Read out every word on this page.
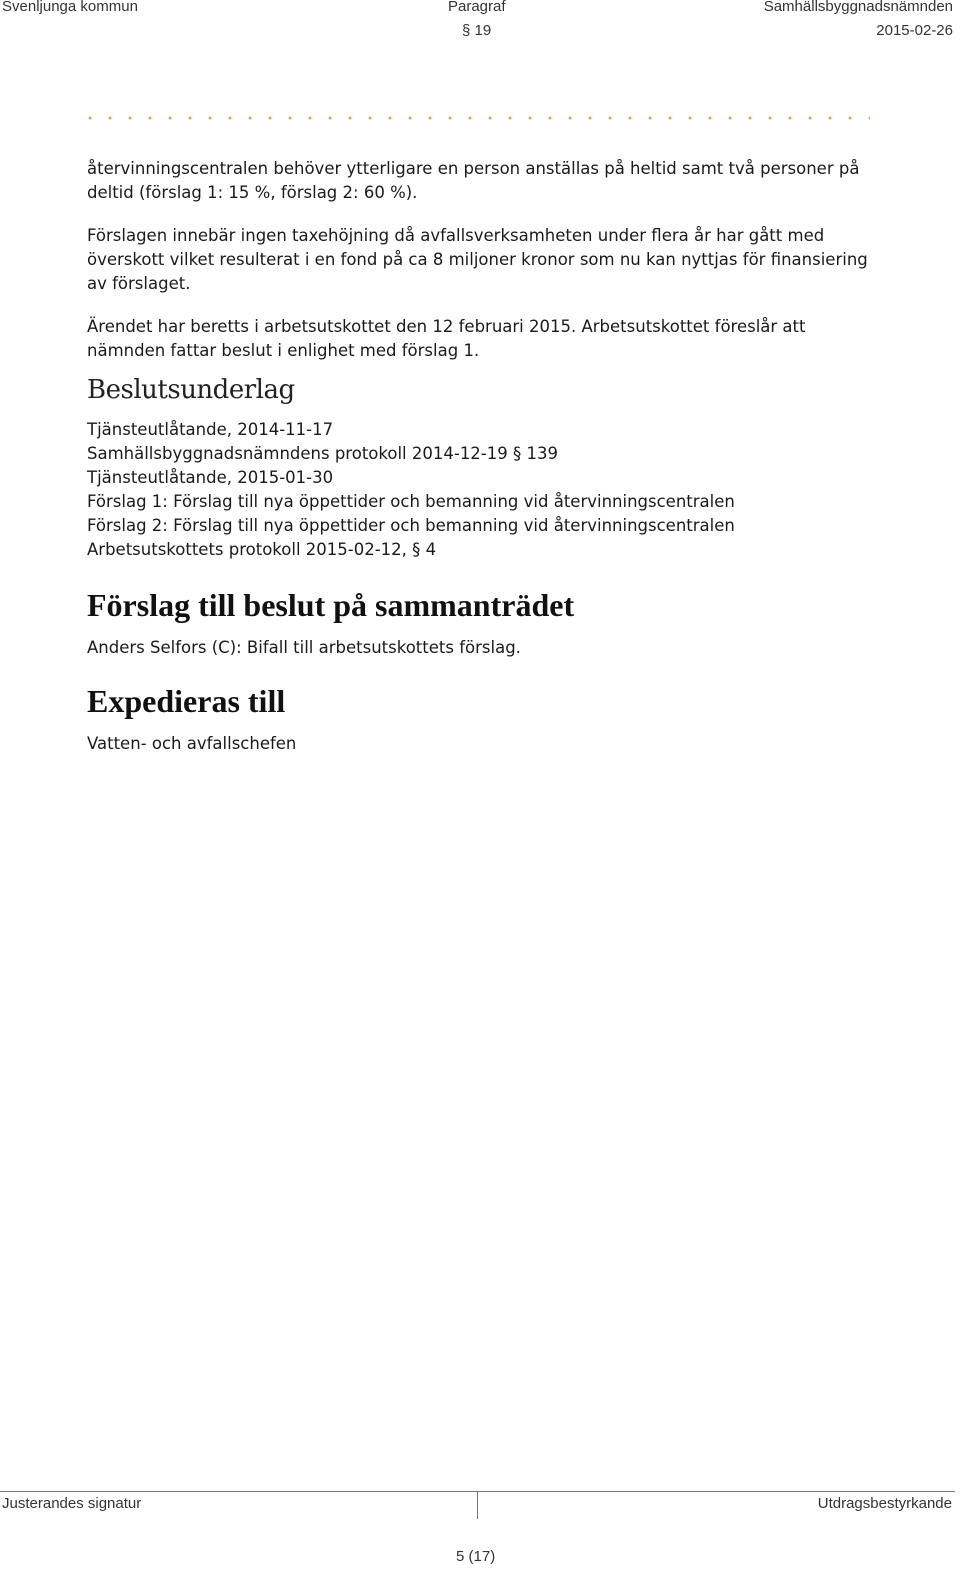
Svenljunga kommun	Paragraf	Samhällsbyggnadsnämnden
§ 19	2015-02-26

återvinningscentralen behöver ytterligare en person anställas på heltid samt två personer på deltid (förslag 1: 15 %, förslag 2: 60 %).

Förslagen innebär ingen taxehöjning då avfallsverksamheten under flera år har gått med överskott vilket resulterat i en fond på ca 8 miljoner kronor som nu kan nyttjas för finansiering av förslaget.

Ärendet har beretts i arbetsutskottet den 12 februari 2015. Arbetsutskottet föreslår att nämnden fattar beslut i enlighet med förslag 1.

Beslutsunderlag
Tjänsteutlåtande, 2014-11-17
Samhällsbyggnadsnämndens protokoll 2014-12-19 § 139
Tjänsteutlåtande, 2015-01-30
Förslag 1: Förslag till nya öppettider och bemanning vid återvinningscentralen
Förslag 2: Förslag till nya öppettider och bemanning vid återvinningscentralen
Arbetsutskottets protokoll 2015-02-12, § 4
Förslag till beslut på sammanträdet

Anders Selfors (C): Bifall till arbetsutskottets förslag.

Expedieras till

Vatten- och avfallschefen

Justerandes signatur	Utdragsbestyrkande
5 (17)
